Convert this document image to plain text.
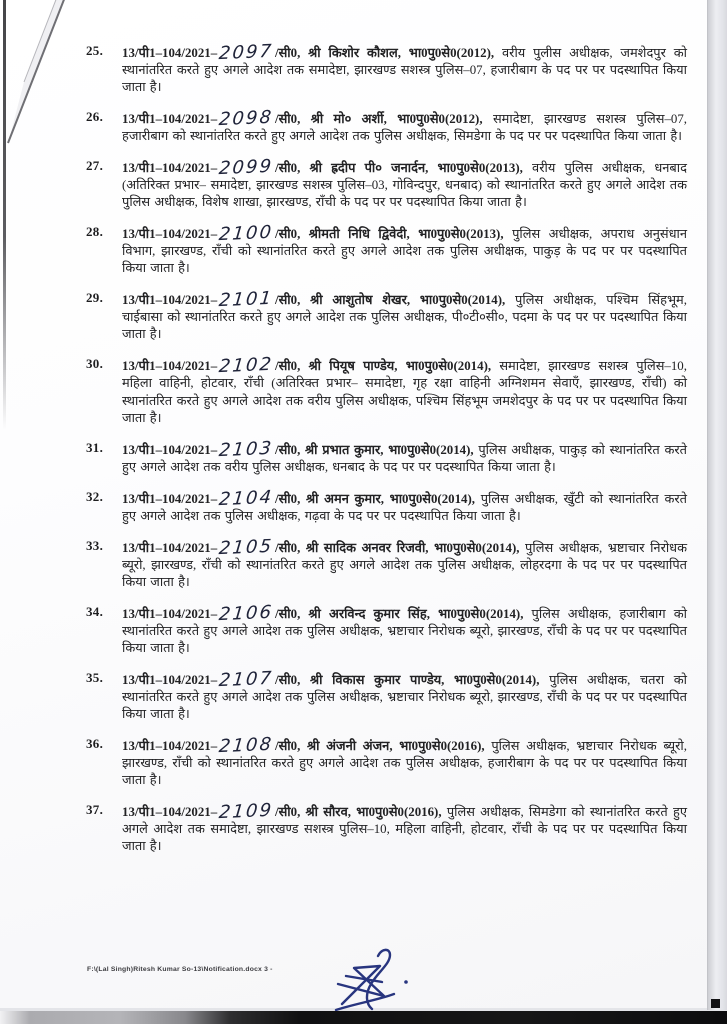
25.	13/पी1–104/2021–2097/सी0, श्री किशोर कौशल, भा0पु0से0(2012), वरीय पुलीस अधीक्षक, जमशेदपुर को स्थानांतरित करते हुए अगले आदेश तक समादेष्टा, झारखण्ड सशस्त्र पुलिस–07, हजारीबाग के पद पर पर पदस्थापित किया जाता है।
26.	13/पी1–104/2021–2098/सी0, श्री मो० अर्शी, भा0पु0से0(2012), समादेष्टा, झारखण्ड सशस्त्र पुलिस–07, हजारीबाग को स्थानांतरित करते हुए अगले आदेश तक पुलिस अधीक्षक, सिमडेगा के पद पर पर पदस्थापित किया जाता है।
27.	13/पी1–104/2021–2099/सी0, श्री ह्रदीप पी० जनार्दन, भा0पु0से0(2013), वरीय पुलिस अधीक्षक, धनबाद (अतिरिक्त प्रभार– समादेष्टा, झारखण्ड सशस्त्र पुलिस–03, गोविन्दपुर, धनबाद) को स्थानांतरित करते हुए अगले आदेश तक पुलिस अधीक्षक, विशेष शाखा, झारखण्ड, राँची के पद पर पर पदस्थापित किया जाता है।
28.	13/पी1–104/2021–2100/सी0, श्रीमती निधि द्विवेदी, भा0पु0से0(2013), पुलिस अधीक्षक, अपराध अनुसंधान विभाग, झारखण्ड, राँची को स्थानांतरित करते हुए अगले आदेश तक पुलिस अधीक्षक, पाकुड़ के पद पर पर पदस्थापित किया जाता है।
29.	13/पी1–104/2021–2101/सी0, श्री आशुतोष शेखर, भा0पु0से0(2014), पुलिस अधीक्षक, पश्चिम सिंहभूम, चाईबासा को स्थानांतरित करते हुए अगले आदेश तक पुलिस अधीक्षक, पी०टी०सी०, पदमा के पद पर पर पदस्थापित किया जाता है।
30.	13/पी1–104/2021–2102/सी0, श्री पियूष पाण्डेय, भा0पु0से0(2014), समादेष्टा, झारखण्ड सशस्त्र पुलिस–10, महिला वाहिनी, होटवार, राँची (अतिरिक्त प्रभार– समादेष्टा, गृह रक्षा वाहिनी अग्निशमन सेवाएँ, झारखण्ड, राँची) को स्थानांतरित करते हुए अगले आदेश तक वरीय पुलिस अधीक्षक, पश्चिम सिंहभूम जमशेदपुर के पद पर पर पदस्थापित किया जाता है।
31.	13/पी1–104/2021–2103/सी0, श्री प्रभात कुमार, भा0पु0से0(2014), पुलिस अधीक्षक, पाकुड़ को स्थानांतरित करते हुए अगले आदेश तक वरीय पुलिस अधीक्षक, धनबाद के पद पर पर पदस्थापित किया जाता है।
32.	13/पी1–104/2021–2104/सी0, श्री अमन कुमार, भा0पु0से0(2014), पुलिस अधीक्षक, खुँटी को स्थानांतरित करते हुए अगले आदेश तक पुलिस अधीक्षक, गढ़वा के पद पर पर पदस्थापित किया जाता है।
33.	13/पी1–104/2021–2105/सी0, श्री सादिक अनवर रिजवी, भा0पु0से0(2014), पुलिस अधीक्षक, भ्रष्टाचार निरोधक ब्यूरो, झारखण्ड, राँची को स्थानांतरित करते हुए अगले आदेश तक पुलिस अधीक्षक, लोहरदगा के पद पर पर पदस्थापित किया जाता है।
34.	13/पी1–104/2021–2106/सी0, श्री अरविन्द कुमार सिंह, भा0पु0से0(2014), पुलिस अधीक्षक, हजारीबाग को स्थानांतरित करते हुए अगले आदेश तक पुलिस अधीक्षक, भ्रष्टाचार निरोधक ब्यूरो, झारखण्ड, राँची के पद पर पर पदस्थापित किया जाता है।
35.	13/पी1–104/2021–2107/सी0, श्री विकास कुमार पाण्डेय, भा0पु0से0(2014), पुलिस अधीक्षक, चतरा को स्थानांतरित करते हुए अगले आदेश तक पुलिस अधीक्षक, भ्रष्टाचार निरोधक ब्यूरो, झारखण्ड, राँची के पद पर पर पदस्थापित किया जाता है।
36.	13/पी1–104/2021–2108/सी0, श्री अंजनी अंजन, भा0पु0से0(2016), पुलिस अधीक्षक, भ्रष्टाचार निरोधक ब्यूरो, झारखण्ड, राँची को स्थानांतरित करते हुए अगले आदेश तक पुलिस अधीक्षक, हजारीबाग के पद पर पर पदस्थापित किया जाता है।
37.	13/पी1–104/2021–2109/सी0, श्री सौरव, भा0पु0से0(2016), पुलिस अधीक्षक, सिमडेगा को स्थानांतरित करते हुए अगले आदेश तक समादेष्टा, झारखण्ड सशस्त्र पुलिस–10, महिला वाहिनी, होटवार, राँची के पद पर पर पदस्थापित किया जाता है।
F:\(Lal Singh)Ritesh Kumar So-13\Notification.docx 3 -
